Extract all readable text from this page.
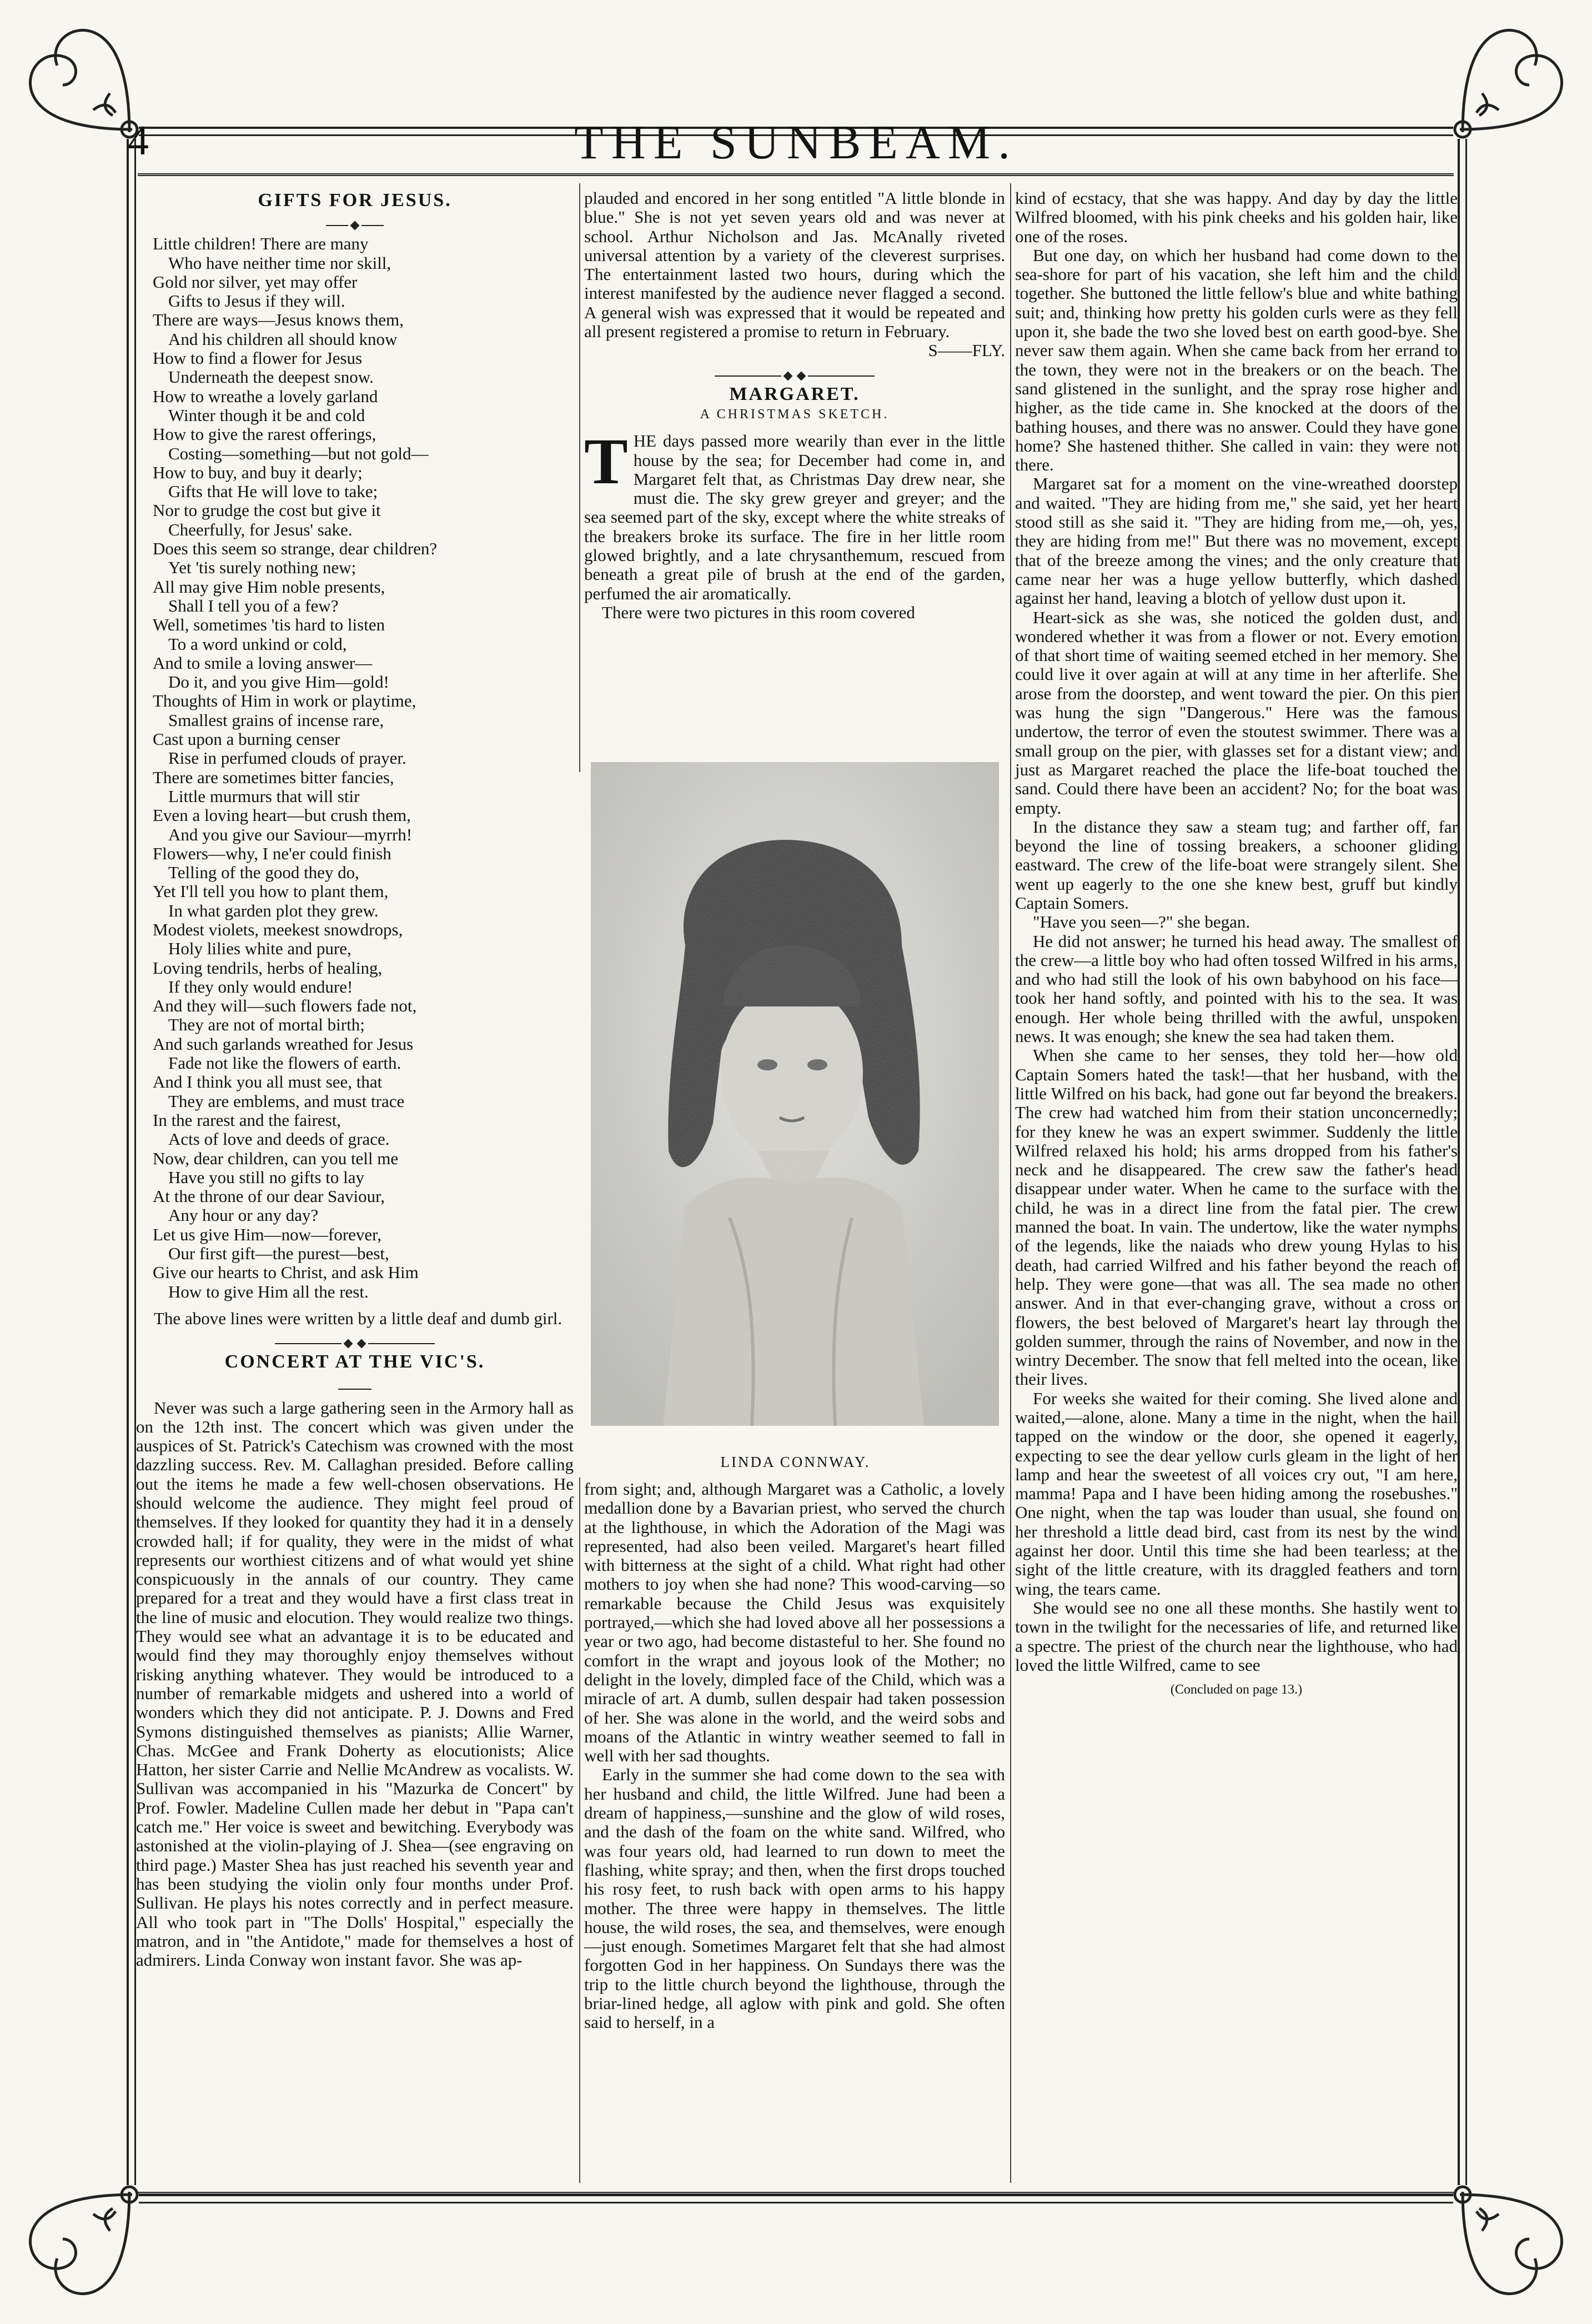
4	THE SUNBEAM.
GIFTS FOR JESUS.
Little children! There are many
Who have neither time nor skill,
Gold nor silver, yet may offer
Gifts to Jesus if they will.
There are ways—Jesus knows them,
And his children all should know
How to find a flower for Jesus
Underneath the deepest snow.
How to wreathe a lovely garland
Winter though it be and cold
How to give the rarest offerings,
Costing—something—but not gold—
How to buy, and buy it dearly;
Gifts that He will love to take;
Nor to grudge the cost but give it
Cheerfully, for Jesus' sake.
Does this seem so strange, dear children?
Yet 'tis surely nothing new;
All may give Him noble presents,
Shall I tell you of a few?
Well, sometimes 'tis hard to listen
To a word unkind or cold,
And to smile a loving answer—
Do it, and you give Him—gold!
Thoughts of Him in work or playtime,
Smallest grains of incense rare,
Cast upon a burning censer
Rise in perfumed clouds of prayer.
There are sometimes bitter fancies,
Little murmurs that will stir
Even a loving heart—but crush them,
And you give our Saviour—myrrh!
Flowers—why, I ne'er could finish
Telling of the good they do,
Yet I'll tell you how to plant them,
In what garden plot they grew.
Modest violets, meekest snowdrops,
Holy lilies white and pure,
Loving tendrils, herbs of healing,
If they only would endure!
And they will—such flowers fade not,
They are not of mortal birth;
And such garlands wreathed for Jesus
Fade not like the flowers of earth.
And I think you all must see, that
They are emblems, and must trace
In the rarest and the fairest,
Acts of love and deeds of grace.
Now, dear children, can you tell me
Have you still no gifts to lay
At the throne of our dear Saviour,
Any hour or any day?
Let us give Him—now—forever,
Our first gift—the purest—best,
Give our hearts to Christ, and ask Him
How to give Him all the rest.

The above lines were written by a little deaf and dumb girl.

CONCERT AT THE VIC'S.

Never was such a large gathering seen in the Armory hall as on the 12th inst. The concert which was given under the auspices of St. Patrick's Catechism was crowned with the most dazzling success. Rev. M. Callaghan presided. Before calling out the items he made a few well-chosen observations. He should welcome the audience. They might feel proud of themselves. If they looked for quantity they had it in a densely crowded hall; if for quality, they were in the midst of what represents our worthiest citizens and of what would yet shine conspicuously in the annals of our country. They came prepared for a treat and they would have a first class treat in the line of music and elocution. They would realize two things. They would see what an advantage it is to be educated and would find they may thoroughly enjoy themselves without risking anything whatever. They would be introduced to a number of remarkable midgets and ushered into a world of wonders which they did not anticipate. P. J. Downs and Fred Symons distinguished themselves as pianists; Allie Warner, Chas. McGee and Frank Doherty as elocutionists; Alice Hatton, her sister Carrie and Nellie McAndrew as vocalists. W. Sullivan was accompanied in his "Mazurka de Concert" by Prof. Fowler. Madeline Cullen made her debut in "Papa can't catch me." Her voice is sweet and bewitching. Everybody was astonished at the violin-playing of J. Shea—(see engraving on third page.) Master Shea has just reached his seventh year and has been studying the violin only four months under Prof. Sullivan. He plays his notes correctly and in perfect measure. All who took part in "The Dolls' Hospital," especially the matron, and in "the Antidote," made for themselves a host of admirers. Linda Conway won instant favor. She was ap-

plauded and encored in her song entitled "A little blonde in blue." She is not yet seven years old and was never at school. Arthur Nicholson and Jas. McAnally riveted universal attention by a variety of the cleverest surprises. The entertainment lasted two hours, during which the interest manifested by the audience never flagged a second. A general wish was expressed that it would be repeated and all present registered a promise to return in February.

S——FLY.
MARGARET.
A CHRISTMAS SKETCH.

THE days passed more wearily than ever in the little house by the sea; for December had come in, and Margaret felt that, as Christmas Day drew near, she must die. The sky grew greyer and greyer; and the sea seemed part of the sky, except where the white streaks of the breakers broke its surface. The fire in her little room glowed brightly, and a late chrysanthemum, rescued from beneath a great pile of brush at the end of the garden, perfumed the air aromatically.

There were two pictures in this room covered

LINDA CONNWAY.

from sight; and, although Margaret was a Catholic, a lovely medallion done by a Bavarian priest, who served the church at the lighthouse, in which the Adoration of the Magi was represented, had also been veiled. Margaret's heart filled with bitterness at the sight of a child. What right had other mothers to joy when she had none? This wood-carving—so remarkable because the Child Jesus was exquisitely portrayed,—which she had loved above all her possessions a year or two ago, had become distasteful to her. She found no comfort in the wrapt and joyous look of the Mother; no delight in the lovely, dimpled face of the Child, which was a miracle of art. A dumb, sullen despair had taken possession of her. She was alone in the world, and the weird sobs and moans of the Atlantic in wintry weather seemed to fall in well with her sad thoughts.

Early in the summer she had come down to the sea with her husband and child, the little Wilfred. June had been a dream of happiness,—sunshine and the glow of wild roses, and the dash of the foam on the white sand. Wilfred, who was four years old, had learned to run down to meet the flashing, white spray; and then, when the first drops touched his rosy feet, to rush back with open arms to his happy mother. The three were happy in themselves. The little house, the wild roses, the sea, and themselves, were enough—just enough. Sometimes Margaret felt that she had almost forgotten God in her happiness. On Sundays there was the trip to the little church beyond the lighthouse, through the briar-lined hedge, all aglow with pink and gold. She often said to herself, in a

kind of ecstacy, that she was happy. And day by day the little Wilfred bloomed, with his pink cheeks and his golden hair, like one of the roses.

But one day, on which her husband had come down to the sea-shore for part of his vacation, she left him and the child together. She buttoned the little fellow's blue and white bathing suit; and, thinking how pretty his golden curls were as they fell upon it, she bade the two she loved best on earth good-bye. She never saw them again. When she came back from her errand to the town, they were not in the breakers or on the beach. The sand glistened in the sunlight, and the spray rose higher and higher, as the tide came in. She knocked at the doors of the bathing houses, and there was no answer. Could they have gone home? She hastened thither. She called in vain: they were not there.

Margaret sat for a moment on the vine-wreathed doorstep and waited. "They are hiding from me," she said, yet her heart stood still as she said it. "They are hiding from me,—oh, yes, they are hiding from me!" But there was no movement, except that of the breeze among the vines; and the only creature that came near her was a huge yellow butterfly, which dashed against her hand, leaving a blotch of yellow dust upon it.

Heart-sick as she was, she noticed the golden dust, and wondered whether it was from a flower or not. Every emotion of that short time of waiting seemed etched in her memory. She could live it over again at will at any time in her afterlife. She arose from the doorstep, and went toward the pier. On this pier was hung the sign "Dangerous." Here was the famous undertow, the terror of even the stoutest swimmer. There was a small group on the pier, with glasses set for a distant view; and just as Margaret reached the place the life-boat touched the sand. Could there have been an accident? No; for the boat was empty.

In the distance they saw a steam tug; and farther off, far beyond the line of tossing breakers, a schooner gliding eastward. The crew of the life-boat were strangely silent. She went up eagerly to the one she knew best, gruff but kindly Captain Somers.

"Have you seen—?" she began.

He did not answer; he turned his head away. The smallest of the crew—a little boy who had often tossed Wilfred in his arms, and who had still the look of his own babyhood on his face—took her hand softly, and pointed with his to the sea. It was enough. Her whole being thrilled with the awful, unspoken news. It was enough; she knew the sea had taken them.

When she came to her senses, they told her—how old Captain Somers hated the task!—that her husband, with the little Wilfred on his back, had gone out far beyond the breakers. The crew had watched him from their station unconcernedly; for they knew he was an expert swimmer. Suddenly the little Wilfred relaxed his hold; his arms dropped from his father's neck and he disappeared. The crew saw the father's head disappear under water. When he came to the surface with the child, he was in a direct line from the fatal pier. The crew manned the boat. In vain. The undertow, like the water nymphs of the legends, like the naiads who drew young Hylas to his death, had carried Wilfred and his father beyond the reach of help. They were gone—that was all. The sea made no other answer. And in that ever-changing grave, without a cross or flowers, the best beloved of Margaret's heart lay through the golden summer, through the rains of November, and now in the wintry December. The snow that fell melted into the ocean, like their lives.

For weeks she waited for their coming. She lived alone and waited,—alone, alone. Many a time in the night, when the hail tapped on the window or the door, she opened it eagerly, expecting to see the dear yellow curls gleam in the light of her lamp and hear the sweetest of all voices cry out, "I am here, mamma! Papa and I have been hiding among the rosebushes." One night, when the tap was louder than usual, she found on her threshold a little dead bird, cast from its nest by the wind against her door. Until this time she had been tearless; at the sight of the little creature, with its draggled feathers and torn wing, the tears came.

She would see no one all these months. She hastily went to town in the twilight for the necessaries of life, and returned like a spectre. The priest of the church near the lighthouse, who had loved the little Wilfred, came to see

(Concluded on page 13.)
